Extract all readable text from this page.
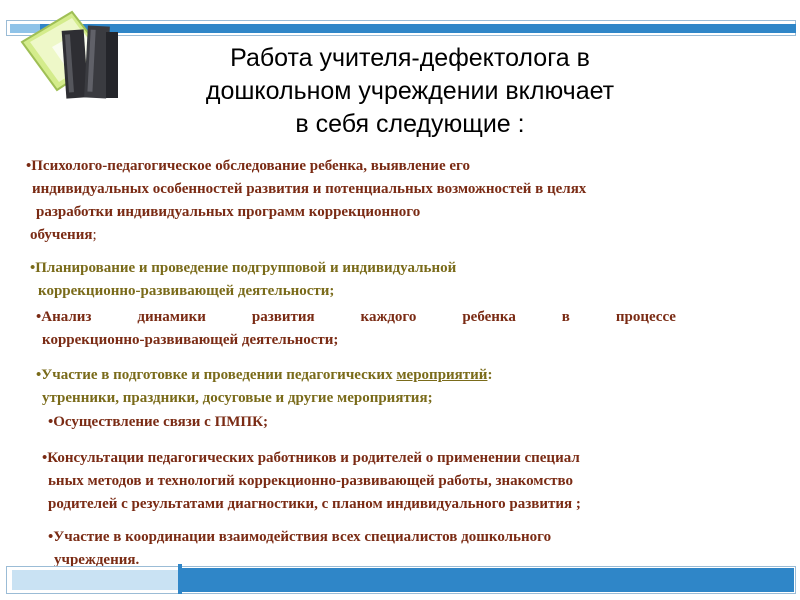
Работа учителя-дефектолога в
дошкольном учреждении включает
в себя следующие :
•Психолого-педагогическое обследование ребенка, выявление его
индивидуальных особенностей развития и потенциальных возможностей в целях
разработки индивидуальных программ коррекционного
обучения;
•Планирование и проведение подгрупповой и индивидуальной
коррекционно-развивающей деятельности;
•Анализ	динамики	развития	каждого	ребенка	в	процессе
коррекционно-развивающей деятельности;
•Участие в подготовке и проведении педагогических мероприятий:
утренники, праздники, досуговые и другие мероприятия;
•Осуществление связи с ПМПК;
•Консультации педагогических работников и родителей о применении специал
ьных методов и технологий коррекционно-развивающей работы, знакомство
родителей с результатами диагностики, с планом индивидуального развития ;
•Участие в координации взаимодействия всех специалистов дошкольного
учреждения.
